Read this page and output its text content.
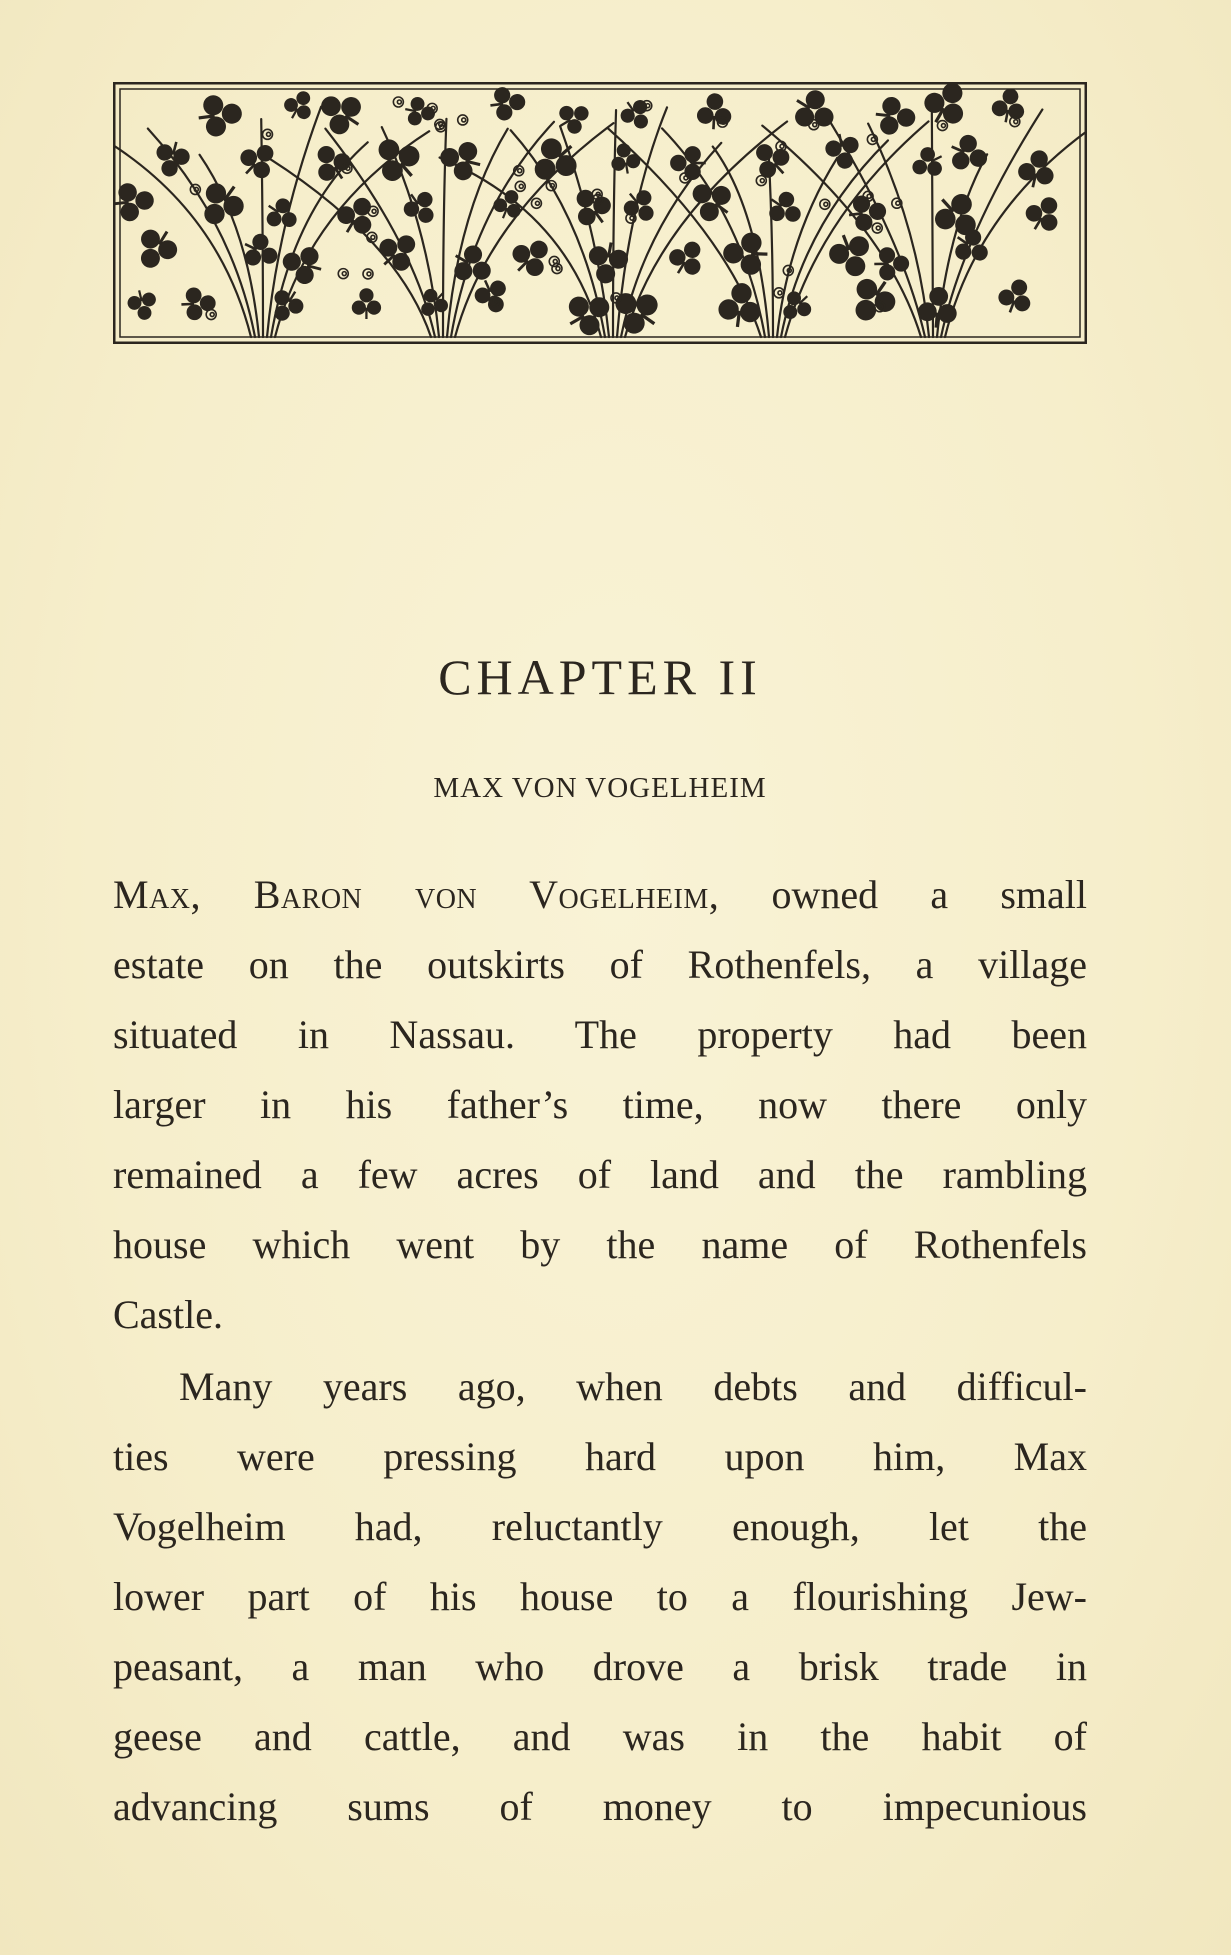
CHAPTER II
MAX VON VOGELHEIM
Max, Baron von Vogelheim, owned a small
estate on the outskirts of Rothenfels, a village
situated in Nassau. The property had been
larger in his father’s time, now there only
remained a few acres of land and the rambling
house which went by the name of Rothenfels
Castle.
Many years ago, when debts and difficul-
ties were pressing hard upon him, Max
Vogelheim had, reluctantly enough, let the
lower part of his house to a flourishing Jew-
peasant, a man who drove a brisk trade in
geese and cattle, and was in the habit of
advancing sums of money to impecunious
